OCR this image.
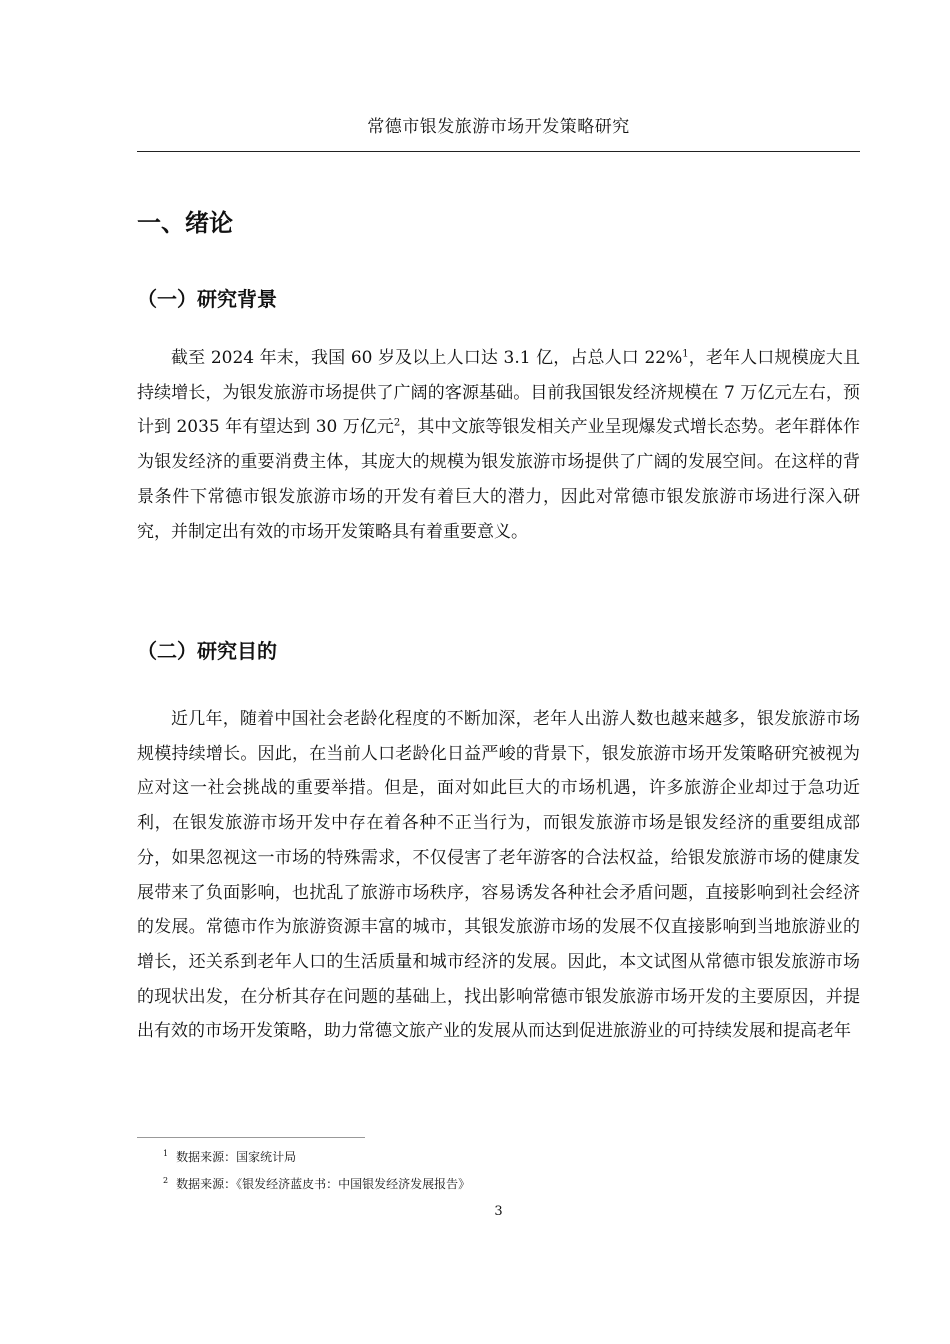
常德市银发旅游市场开发策略研究
一、绪论
（一）研究背景

截至 2024 年末，我国 60 岁及以上人口达 3.1 亿，占总人口 22%$^1$，老年人口规模庞大且持续增长，为银发旅游市场提供了广阔的客源基础。目前我国银发经济规模在 7 万亿元左右，预计到 2035 年有望达到 30 万亿元$^2$，其中文旅等银发相关产业呈现爆发式增长态势。老年群体作为银发经济的重要消费主体，其庞大的规模为银发旅游市场提供了广阔的发展空间。在这样的背景条件下常德市银发旅游市场的开发有着巨大的潜力，因此对常德市银发旅游市场进行深入研究，并制定出有效的市场开发策略具有着重要意义。

（二）研究目的

近几年，随着中国社会老龄化程度的不断加深，老年人出游人数也越来越多，银发旅游市场规模持续增长。因此，在当前人口老龄化日益严峻的背景下，银发旅游市场开发策略研究被视为应对这一社会挑战的重要举措。但是，面对如此巨大的市场机遇，许多旅游企业却过于急功近利，在银发旅游市场开发中存在着各种不正当行为，而银发旅游市场是银发经济的重要组成部分，如果忽视这一市场的特殊需求，不仅侵害了老年游客的合法权益，给银发旅游市场的健康发展带来了负面影响，也扰乱了旅游市场秩序，容易诱发各种社会矛盾问题，直接影响到社会经济的发展。常德市作为旅游资源丰富的城市，其银发旅游市场的发展不仅直接影响到当地旅游业的增长，还关系到老年人口的生活质量和城市经济的发展。因此，本文试图从常德市银发旅游市场的现状出发，在分析其存在问题的基础上，找出影响常德市银发旅游市场开发的主要原因，并提出有效的市场开发策略，助力常德文旅产业的发展从而达到促进旅游业的可持续发展和提高老年

$^1$ 数据来源：国家统计局

$^2$ 数据来源：《银发经济蓝皮书：中国银发经济发展报告》

3
